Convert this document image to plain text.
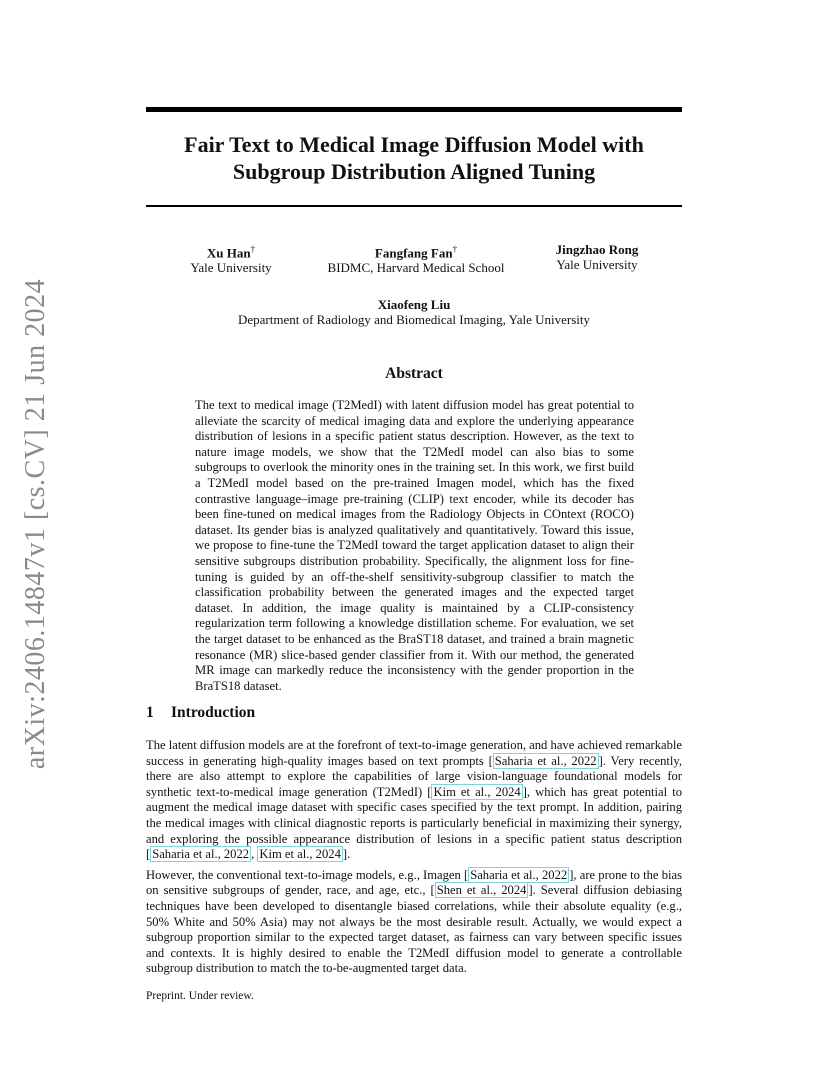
arXiv:2406.14847v1 [cs.CV] 21 Jun 2024
Fair Text to Medical Image Diffusion Model with
Subgroup Distribution Aligned Tuning
Xu Han†
Yale University
Fangfang Fan†
BIDMC, Harvard Medical School
Jingzhao Rong
Yale University
Xiaofeng Liu
Department of Radiology and Biomedical Imaging, Yale University
Abstract

The text to medical image (T2MedI) with latent diffusion model has great potential to alleviate the scarcity of medical imaging data and explore the underlying appearance distribution of lesions in a specific patient status description. However, as the text to nature image models, we show that the T2MedI model can also bias to some subgroups to overlook the minority ones in the training set. In this work, we first build a T2MedI model based on the pre-trained Imagen model, which has the fixed contrastive language–image pre-training (CLIP) text encoder, while its decoder has been fine-tuned on medical images from the Radiology Objects in COntext (ROCO) dataset. Its gender bias is analyzed qualitatively and quantitatively. Toward this issue, we propose to fine-tune the T2MedI toward the target application dataset to align their sensitive subgroups distribution probability. Specifically, the alignment loss for fine-tuning is guided by an off-the-shelf sensitivity-subgroup classifier to match the classification probability between the generated images and the expected target dataset. In addition, the image quality is maintained by a CLIP-consistency regularization term following a knowledge distillation scheme. For evaluation, we set the target dataset to be enhanced as the BraST18 dataset, and trained a brain magnetic resonance (MR) slice-based gender classifier from it. With our method, the generated MR image can markedly reduce the inconsistency with the gender proportion in the BraTS18 dataset.

1 Introduction

The latent diffusion models are at the forefront of text-to-image generation, and have achieved remarkable success in generating high-quality images based on text prompts [ Saharia et al., 2022 ]. Very recently, there are also attempt to explore the capabilities of large vision-language foundational models for synthetic text-to-medical image generation (T2MedI) [ Kim et al., 2024 ], which has great potential to augment the medical image dataset with specific cases specified by the text prompt. In addition, pairing the medical images with clinical diagnostic reports is particularly beneficial in maximizing their synergy, and exploring the possible appearance distribution of lesions in a specific patient status description [ Saharia et al., 2022 , Kim et al., 2024 ].

However, the conventional text-to-image models, e.g., Imagen [ Saharia et al., 2022 ], are prone to the bias on sensitive subgroups of gender, race, and age, etc., [ Shen et al., 2024 ]. Several diffusion debiasing techniques have been developed to disentangle biased correlations, while their absolute equality (e.g., 50% White and 50% Asia) may not always be the most desirable result. Actually, we would expect a subgroup proportion similar to the expected target dataset, as fairness can vary between specific issues and contexts. It is highly desired to enable the T2MedI diffusion model to generate a controllable subgroup distribution to match the to-be-augmented target data.

Preprint. Under review.
